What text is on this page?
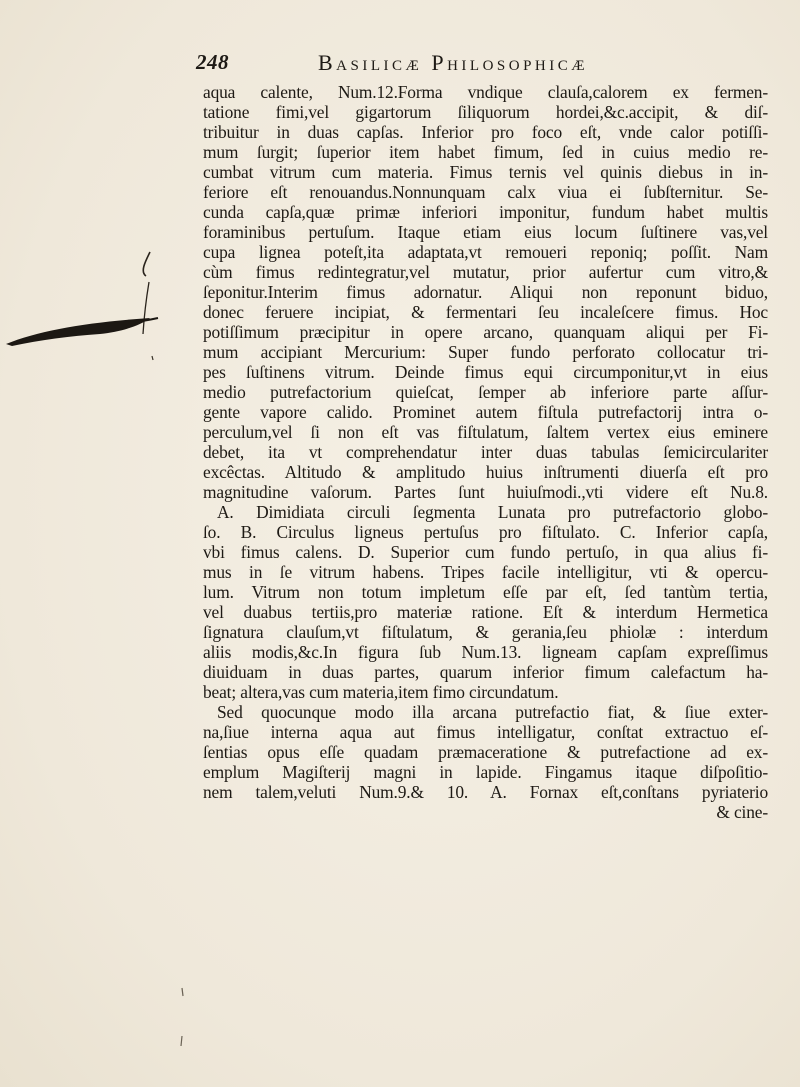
248	Basilicæ Philosophicæ
aqua calente, Num.12.Forma vndique clauſa,calorem ex fermen-
tatione fimi,vel gigartorum ſiliquorum hordei,&c.accipit, & diſ-
tribuitur in duas capſas. Inferior pro foco eſt, vnde calor potiſſi-
mum ſurgit; ſuperior item habet fimum, ſed in cuius medio re-
cumbat vitrum cum materia. Fimus ternis vel quinis diebus in in-
feriore eſt renouandus.Nonnunquam calx viua ei ſubſternitur. Se-
cunda capſa,quæ primæ inferiori imponitur, fundum habet multis
foraminibus pertuſum. Itaque etiam eius locum ſuſtinere vas,vel
cupa lignea poteſt,ita adaptata,vt remoueri reponiq; poſſit. Nam
cùm fimus redintegratur,vel mutatur, prior aufertur cum vitro,&
ſeponitur.Interim fimus adornatur. Aliqui non reponunt biduo,
donec feruere incipiat, & fermentari ſeu incaleſcere fimus. Hoc
potiſſimum præcipitur in opere arcano, quanquam aliqui per Fi-
mum accipiant Mercurium: Super fundo perforato collocatur tri-
pes ſuſtinens vitrum. Deinde fimus equi circumponitur,vt in eius
medio putrefactorium quieſcat, ſemper ab inferiore parte aſſur-
gente vapore calido. Prominet autem fiſtula putrefactorij intra o-
perculum,vel ſi non eſt vas fiſtulatum, ſaltem vertex eius eminere
debet, ita vt comprehendatur inter duas tabulas ſemicirculariter
excêctas. Altitudo & amplitudo huius inſtrumenti diuerſa eſt pro
magnitudine vaſorum. Partes ſunt huiuſmodi.,vti videre eſt Nu.8.
A. Dimidiata circuli ſegmenta Lunata pro putrefactorio globo-
ſo. B. Circulus ligneus pertuſus pro fiſtulato. C. Inferior capſa,
vbi fimus calens. D. Superior cum fundo pertuſo, in qua alius fi-
mus in ſe vitrum habens. Tripes facile intelligitur, vti & opercu-
lum. Vitrum non totum impletum eſſe par eſt, ſed tantùm tertia,
vel duabus tertiis,pro materiæ ratione. Eſt & interdum Hermetica
ſignatura clauſum,vt fiſtulatum, & gerania,ſeu phiolæ : interdum
aliis modis,&c.In figura ſub Num.13. ligneam capſam expreſſimus
diuiduam in duas partes, quarum inferior fimum calefactum ha-
beat; altera,vas cum materia,item fimo circundatum.
Sed quocunque modo illa arcana putrefactio fiat, & ſiue exter-
na,ſiue interna aqua aut fimus intelligatur, conſtat extractuo eſ-
ſentias opus eſſe quadam præmaceratione & putrefactione ad ex-
emplum Magiſterij magni in lapide. Fingamus itaque diſpoſitio-
nem talem,veluti Num.9.& 10. A. Fornax eſt,conſtans pyriaterio
& cine-
